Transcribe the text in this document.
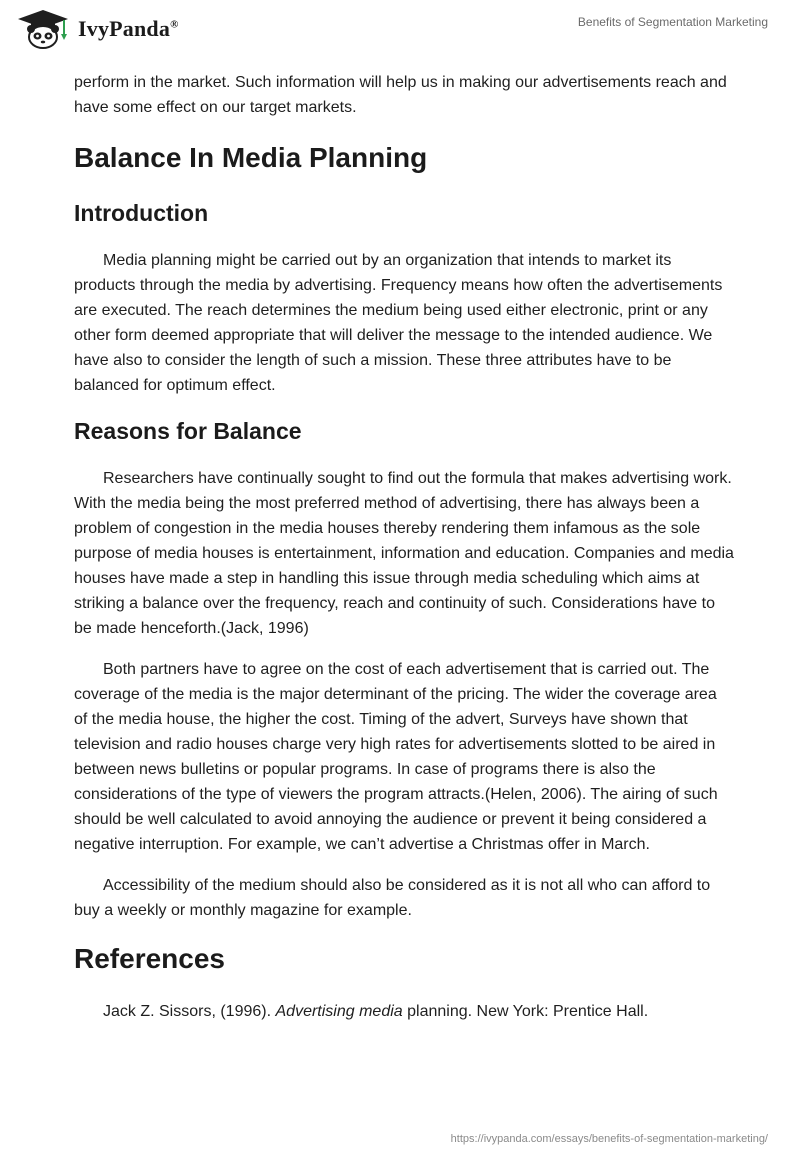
IvyPanda®	Benefits of Segmentation Marketing

perform in the market. Such information will help us in making our advertisements reach and have some effect on our target markets.

Balance In Media Planning
Introduction

Media planning might be carried out by an organization that intends to market its products through the media by advertising. Frequency means how often the advertisements are executed. The reach determines the medium being used either electronic, print or any other form deemed appropriate that will deliver the message to the intended audience. We have also to consider the length of such a mission. These three attributes have to be balanced for optimum effect.

Reasons for Balance

Researchers have continually sought to find out the formula that makes advertising work. With the media being the most preferred method of advertising, there has always been a problem of congestion in the media houses thereby rendering them infamous as the sole purpose of media houses is entertainment, information and education. Companies and media houses have made a step in handling this issue through media scheduling which aims at striking a balance over the frequency, reach and continuity of such. Considerations have to be made henceforth.(Jack, 1996)

Both partners have to agree on the cost of each advertisement that is carried out. The coverage of the media is the major determinant of the pricing. The wider the coverage area of the media house, the higher the cost. Timing of the advert, Surveys have shown that television and radio houses charge very high rates for advertisements slotted to be aired in between news bulletins or popular programs. In case of programs there is also the considerations of the type of viewers the program attracts.(Helen, 2006). The airing of such should be well calculated to avoid annoying the audience or prevent it being considered a negative interruption. For example, we can’t advertise a Christmas offer in March.

Accessibility of the medium should also be considered as it is not all who can afford to buy a weekly or monthly magazine for example.

References

Jack Z. Sissors, (1996). Advertising media planning. New York: Prentice Hall.

https://ivypanda.com/essays/benefits-of-segmentation-marketing/
